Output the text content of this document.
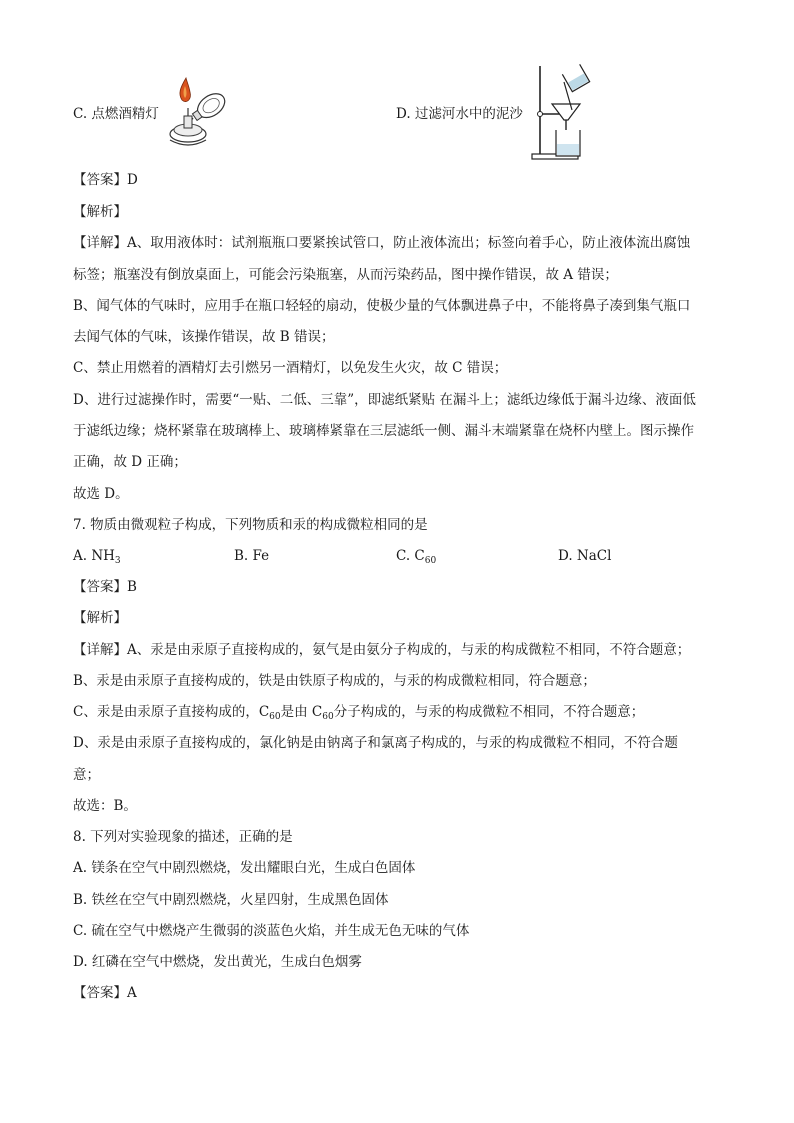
C. 点燃酒精灯	D. 过滤河水中的泥沙
【答案】D
【解析】
【详解】A、取用液体时：试剂瓶瓶口要紧挨试管口，防止液体流出；标签向着手心，防止液体流出腐蚀
标签；瓶塞没有倒放桌面上，可能会污染瓶塞，从而污染药品，图中操作错误，故 A 错误；
B、闻气体的气味时，应用手在瓶口轻轻的扇动，使极少量的气体飘进鼻子中，不能将鼻子凑到集气瓶口
去闻气体的气味，该操作错误，故 B 错误；
C、禁止用燃着的酒精灯去引燃另一酒精灯，以免发生火灾，故 C 错误；
D、进行过滤操作时，需要“一贴、二低、三靠”，即滤纸紧贴 在漏斗上；滤纸边缘低于漏斗边缘、液面低
于滤纸边缘；烧杯紧靠在玻璃棒上、玻璃棒紧靠在三层滤纸一侧、漏斗末端紧靠在烧杯内壁上。图示操作
正确，故 D 正确；
故选 D。
7. 物质由微观粒子构成，下列物质和汞的构成微粒相同的是
A. $NH_3$	B. Fe	C. $C_{60}$	D. NaCl
【答案】B
【解析】
【详解】A、汞是由汞原子直接构成的，氨气是由氨分子构成的，与汞的构成微粒不相同，不符合题意；
B、汞是由汞原子直接构成的，铁是由铁原子构成的，与汞的构成微粒相同，符合题意；
C、汞是由汞原子直接构成的，$C_{60}$是由 $C_{60}$分子构成的，与汞的构成微粒不相同，不符合题意；
D、汞是由汞原子直接构成的，氯化钠是由钠离子和氯离子构成的，与汞的构成微粒不相同，不符合题
意；
故选：B。
8. 下列对实验现象的描述，正确的是
A. 镁条在空气中剧烈燃烧，发出耀眼白光，生成白色固体
B. 铁丝在空气中剧烈燃烧，火星四射，生成黑色固体
C. 硫在空气中燃烧产生微弱的淡蓝色火焰，并生成无色无味的气体
D. 红磷在空气中燃烧，发出黄光，生成白色烟雾
【答案】A
